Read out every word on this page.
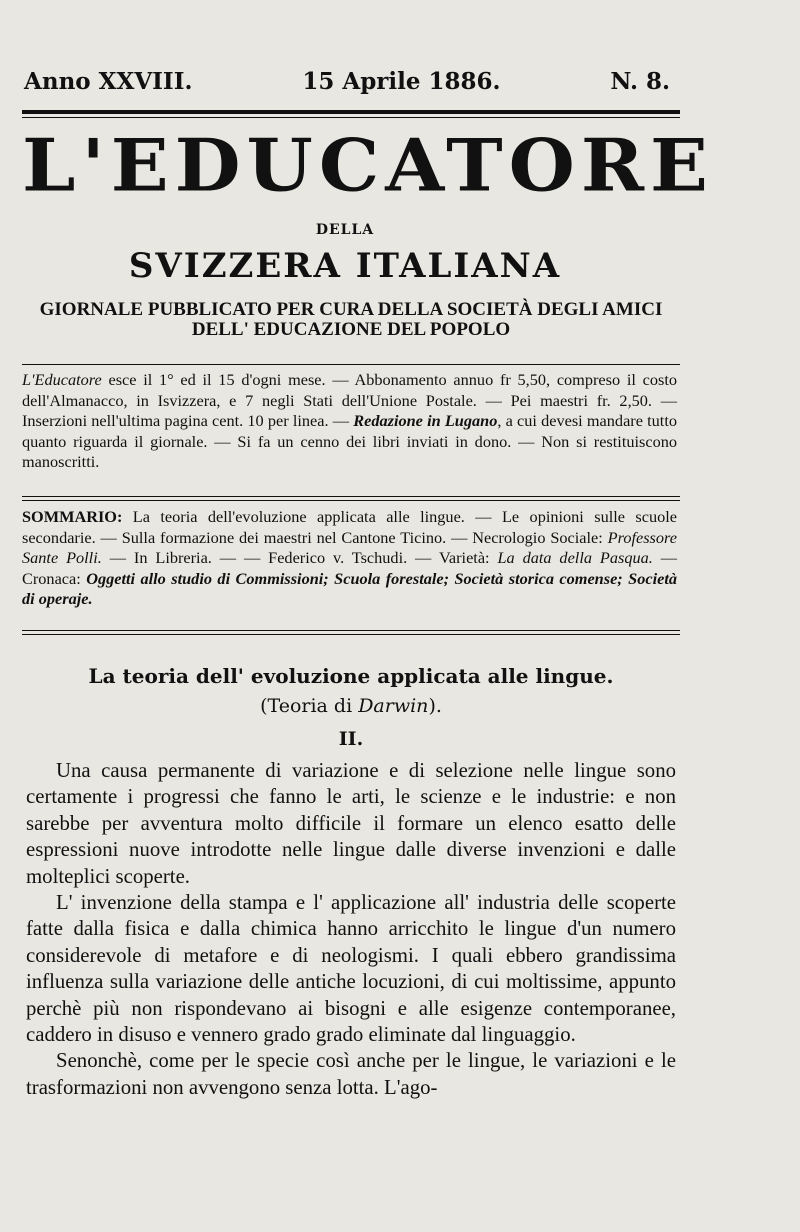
Anno XXVIII.	15 Aprile 1886.	N. 8.
L'EDUCATORE
DELLA
SVIZZERA ITALIANA
GIORNALE PUBBLICATO PER CURA DELLA SOCIETÀ DEGLI AMICI
DELL' EDUCAZIONE DEL POPOLO
L'Educatore esce il 1° ed il 15 d'ogni mese. — Abbonamento annuo fr 5,50, compreso il costo dell'Almanacco, in Isvizzera, e 7 negli Stati dell'Unione Postale. — Pei maestri fr. 2,50. — Inserzioni nell'ultima pagina cent. 10 per linea. — Redazione in Lugano, a cui devesi mandare tutto quanto riguarda il giornale. — Si fa un cenno dei libri inviati in dono. — Non si restituiscono manoscritti.
SOMMARIO: La teoria dell'evoluzione applicata alle lingue. — Le opinioni sulle scuole secondarie. — Sulla formazione dei maestri nel Cantone Ticino. — Necrologio Sociale: Professore Sante Polli. — In Libreria. — — Federico v. Tschudi. — Varietà: La data della Pasqua. — Cronaca: Oggetti allo studio di Commissioni; Scuola forestale; Società storica comense; Società di operaje.
La teoria dell' evoluzione applicata alle lingue.
(Teoria di Darwin).
II.

Una causa permanente di variazione e di selezione nelle lingue sono certamente i progressi che fanno le arti, le scienze e le industrie: e non sarebbe per avventura molto difficile il formare un elenco esatto delle espressioni nuove introdotte nelle lingue dalle diverse invenzioni e dalle molteplici scoperte.

L' invenzione della stampa e l' applicazione all' industria delle scoperte fatte dalla fisica e dalla chimica hanno arricchito le lingue d'un numero considerevole di metafore e di neologismi. I quali ebbero grandissima influenza sulla variazione delle antiche locuzioni, di cui moltissime, appunto perchè più non rispondevano ai bisogni e alle esigenze contemporanee, caddero in disuso e vennero grado grado eliminate dal linguaggio.

Senonchè, come per le specie così anche per le lingue, le variazioni e le trasformazioni non avvengono senza lotta. L'ago-
